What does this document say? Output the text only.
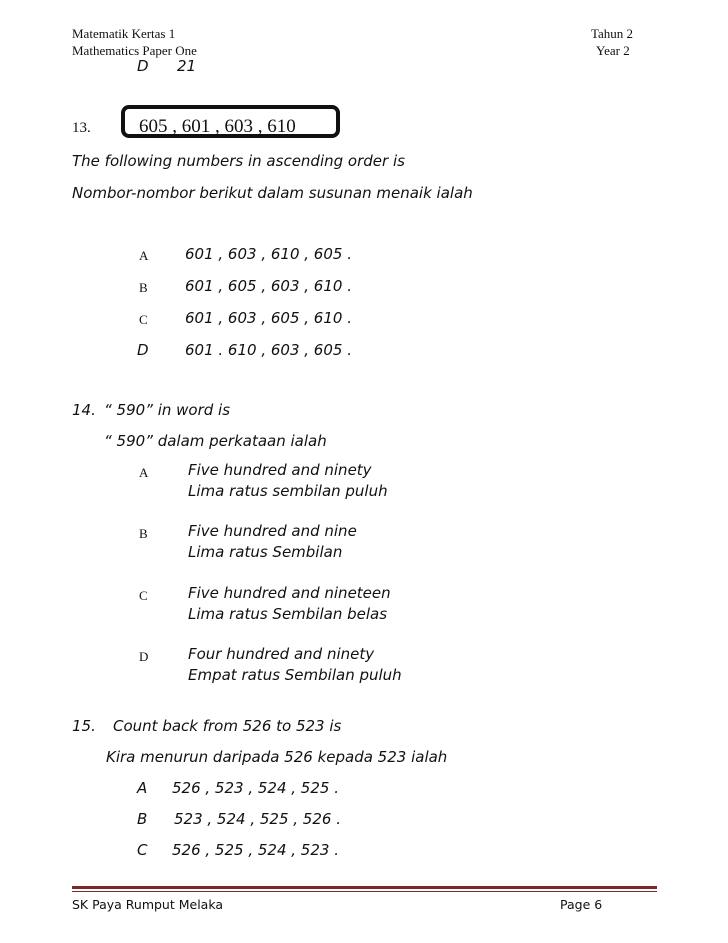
Matematik Kertas 1
Mathematics Paper One
Tahun 2
Year 2
D 21
13.	605 , 601 , 603 , 610
The following numbers in ascending order is
Nombor-nombor berikut dalam susunan menaik ialah
A 601 , 603 , 610 , 605 .
B 601 , 605 , 603 , 610 .
C 601 , 603 , 605 , 610 .
D 601 . 610 , 603 , 605 .
14. “ 590” in word is
“ 590” dalam perkataan ialah
A	Five hundred and ninety
Lima ratus sembilan puluh
B	Five hundred and nine
Lima ratus Sembilan
C	Five hundred and nineteen
Lima ratus Sembilan belas
D	Four hundred and ninety
Empat ratus Sembilan puluh
15. Count back from 526 to 523 is
Kira menurun daripada 526 kepada 523 ialah
A 526 , 523 , 524 , 525 .
B 523 , 524 , 525 , 526 .
C 526 , 525 , 524 , 523 .
SK Paya Rumput Melaka	Page 6
